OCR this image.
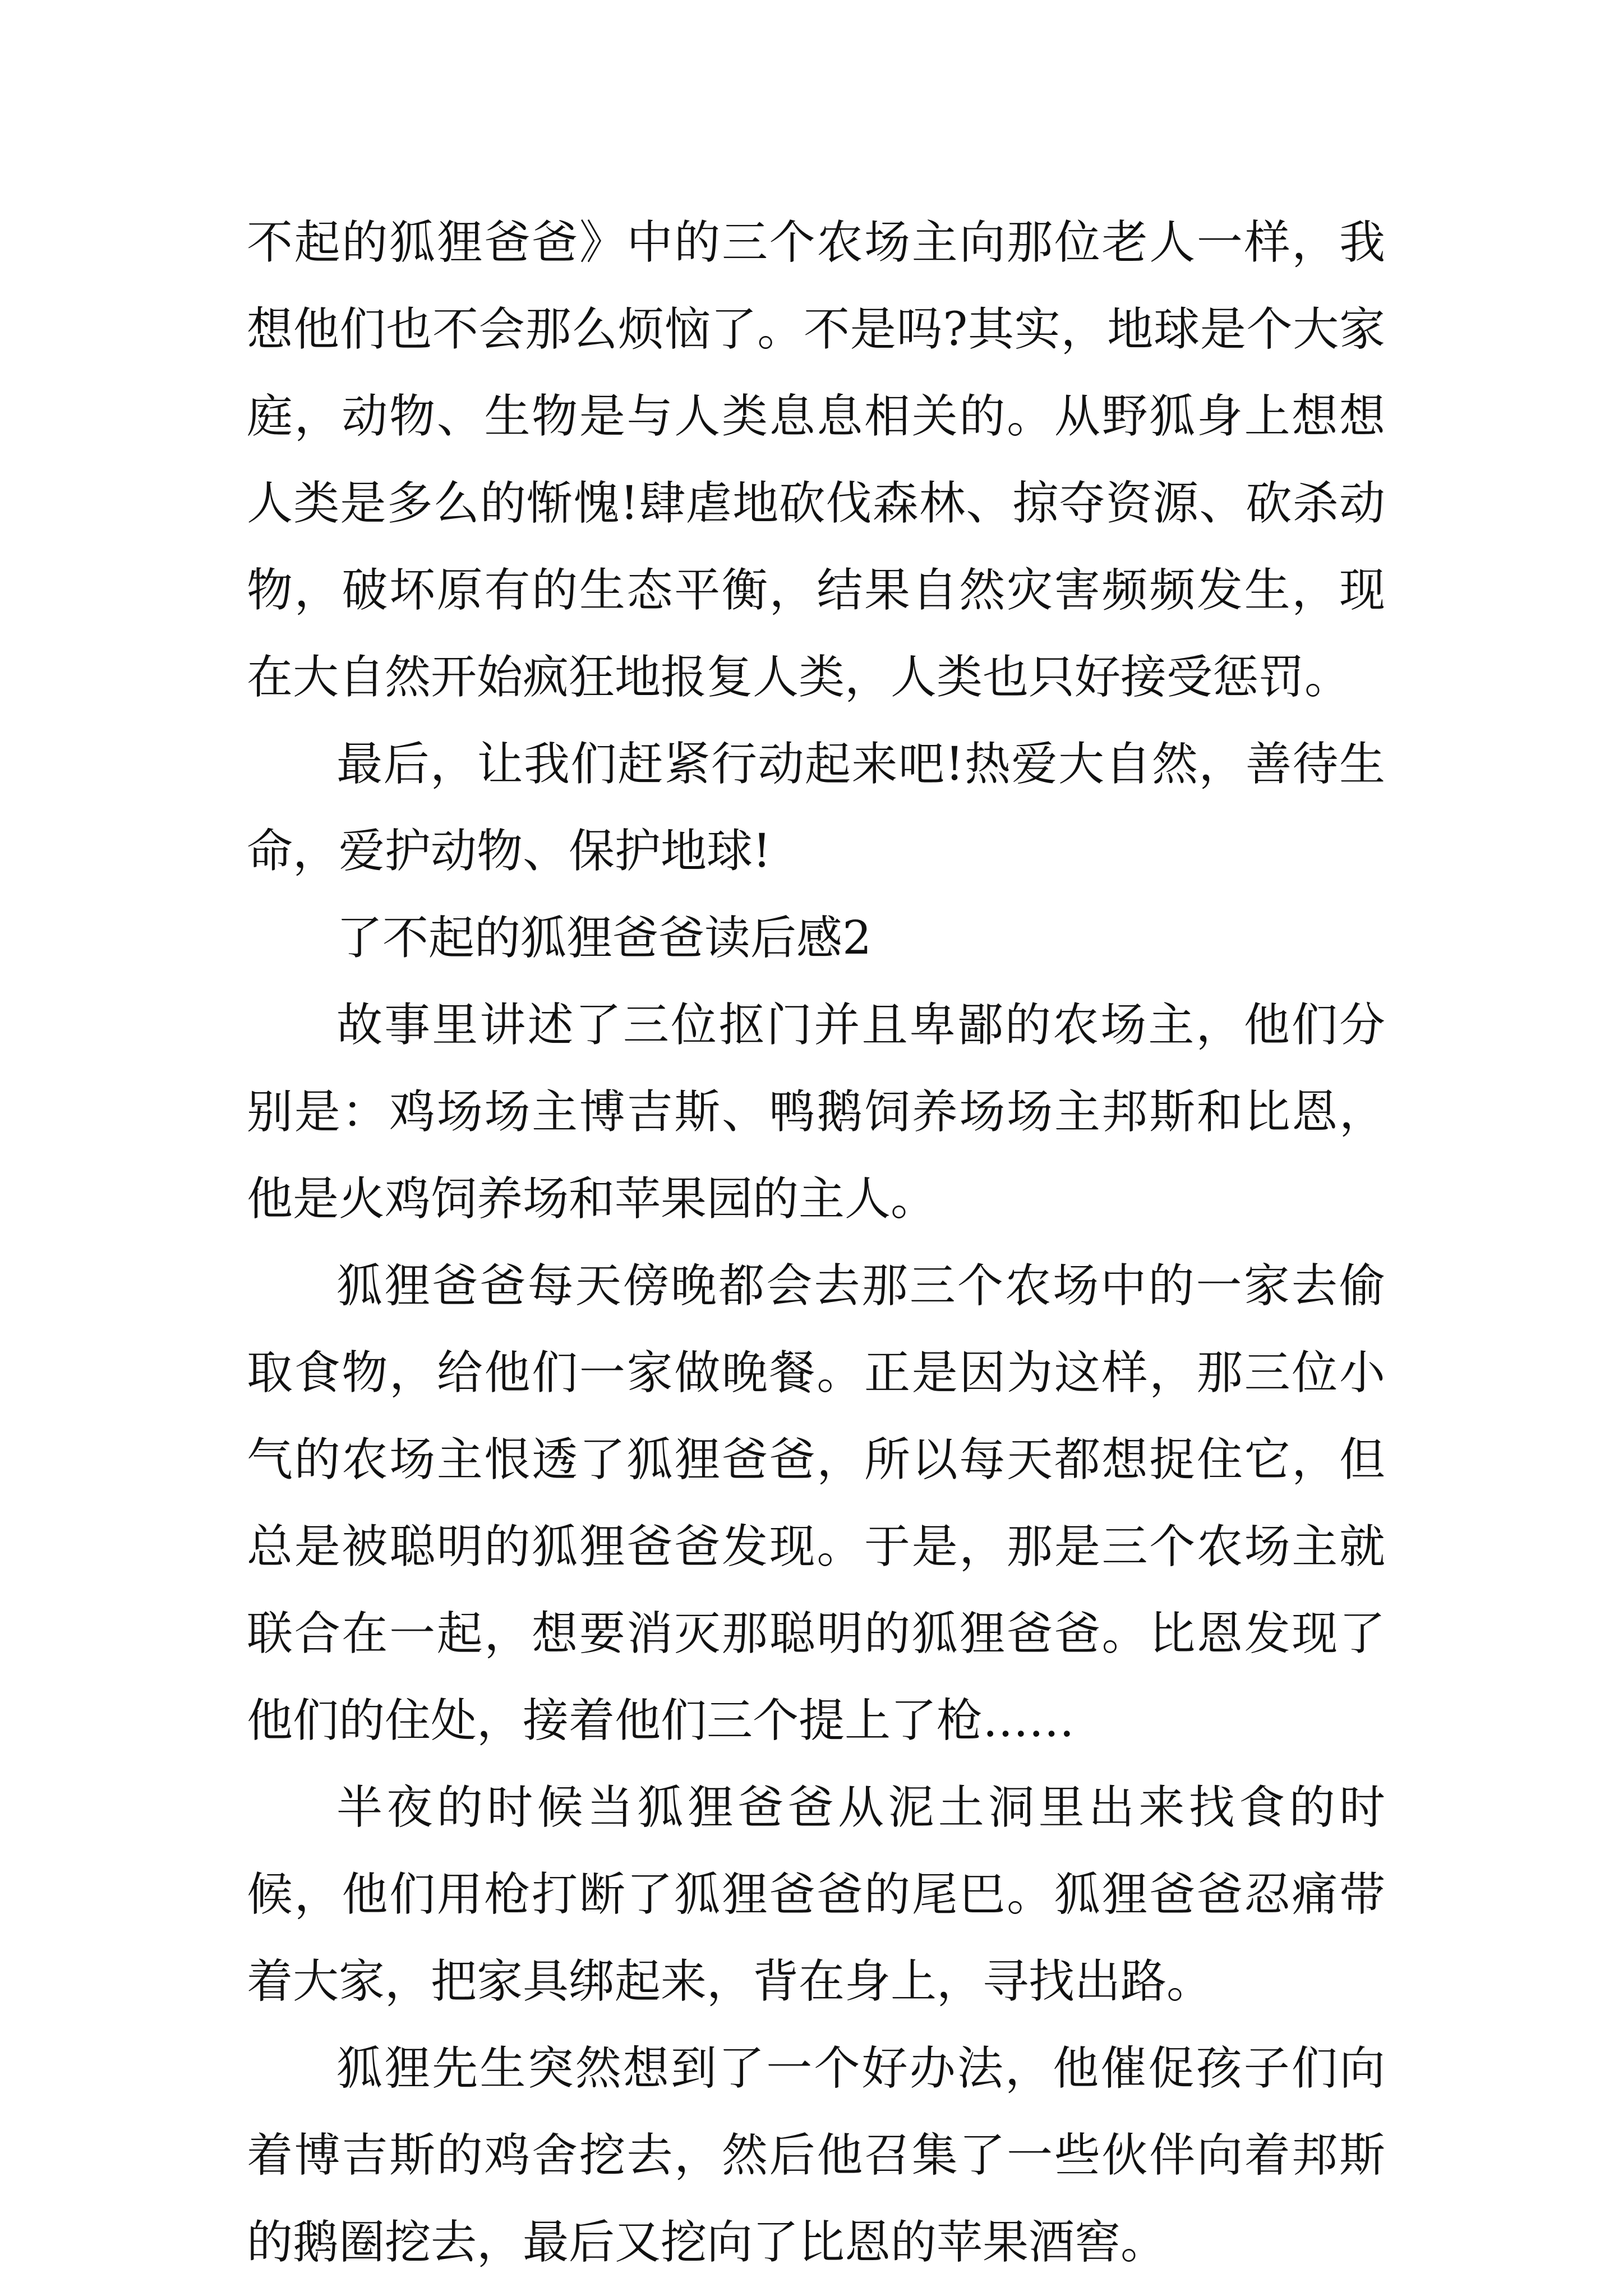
不起的狐狸爸爸》中的三个农场主向那位老人一样，我想他们也不会那么烦恼了。不是吗?其实，地球是个大家庭，动物、生物是与人类息息相关的。从野狐身上想想人类是多么的惭愧!肆虐地砍伐森林、掠夺资源、砍杀动物，破坏原有的生态平衡，结果自然灾害频频发生，现在大自然开始疯狂地报复人类，人类也只好接受惩罚。

最后，让我们赶紧行动起来吧!热爱大自然，善待生命，爱护动物、保护地球!

了不起的狐狸爸爸读后感2

故事里讲述了三位抠门并且卑鄙的农场主，他们分别是：鸡场场主博吉斯、鸭鹅饲养场场主邦斯和比恩，他是火鸡饲养场和苹果园的主人。

狐狸爸爸每天傍晚都会去那三个农场中的一家去偷取食物，给他们一家做晚餐。正是因为这样，那三位小气的农场主恨透了狐狸爸爸，所以每天都想捉住它，但总是被聪明的狐狸爸爸发现。于是，那是三个农场主就联合在一起，想要消灭那聪明的狐狸爸爸。比恩发现了他们的住处，接着他们三个提上了枪……

半夜的时候当狐狸爸爸从泥土洞里出来找食的时候，他们用枪打断了狐狸爸爸的尾巴。狐狸爸爸忍痛带着大家，把家具绑起来，背在身上，寻找出路。

狐狸先生突然想到了一个好办法，他催促孩子们向着博吉斯的鸡舍挖去，然后他召集了一些伙伴向着邦斯的鹅圈挖去，最后又挖向了比恩的苹果酒窖。
